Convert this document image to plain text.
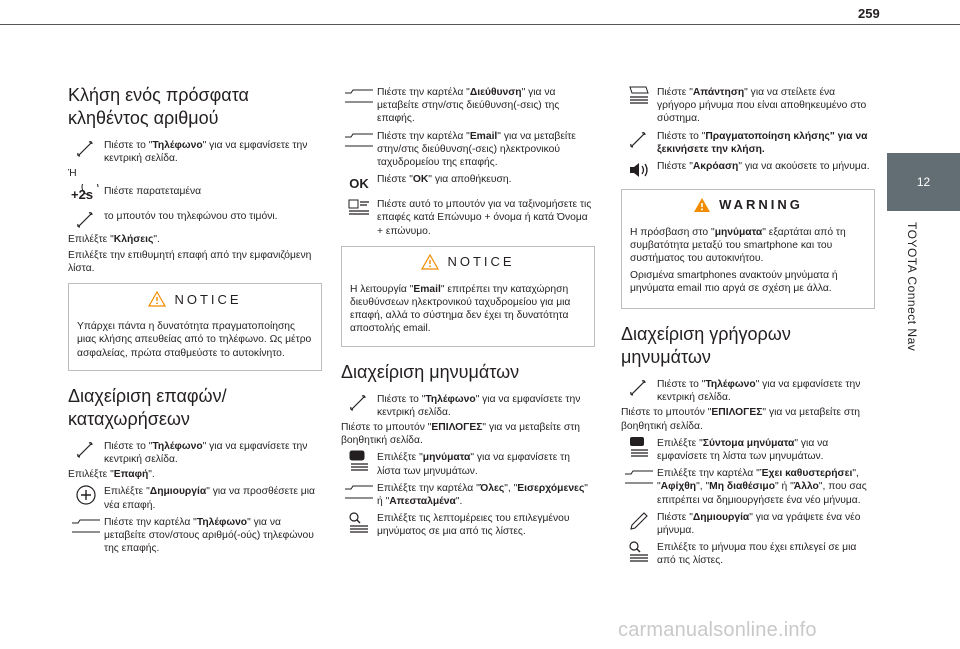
259
12
TOYOTA Connect Nav
Κλήση ενός πρόσφατα κληθέντος αριθμού
Πιέστε το "Τηλέφωνο" για να εμφανίσετε την κεντρική σελίδα.

Ή

+2s Πιέστε παρατεταμένα
το μπουτόν του τηλεφώνου στο τιμόνι.

Επιλέξτε "Κλήσεις".

Επιλέξτε την επιθυμητή επαφή από την εμφανιζόμενη λίστα.

NOTICE
Υπάρχει πάντα η δυνατότητα πραγματοποίησης μιας κλήσης απευθείας από το τηλέφωνο. Ως μέτρο ασφαλείας, πρώτα σταθμεύστε το αυτοκίνητο.
Διαχείριση επαφών/καταχωρήσεων
Πιέστε το "Τηλέφωνο" για να εμφανίσετε την κεντρική σελίδα.

Επιλέξτε "Επαφή".

Επιλέξτε "Δημιουργία" για να προσθέσετε μια νέα επαφή.
Πιέστε την καρτέλα "Τηλέφωνο" για να μεταβείτε στον/στους αριθμό(-ούς) τηλεφώνου της επαφής.
Πιέστε την καρτέλα "Διεύθυνση" για να μεταβείτε στην/στις διεύθυνση(-σεις) της επαφής.
Πιέστε την καρτέλα "Email" για να μεταβείτε στην/στις διεύθυνση(-σεις) ηλεκτρονικού ταχυδρομείου της επαφής.
OK Πιέστε "OK" για αποθήκευση.
Πιέστε αυτό το μπουτόν για να ταξινομήσετε τις επαφές κατά Επώνυμο + όνομα ή κατά Όνομα + επώνυμο.
NOTICE
Η λειτουργία "Email" επιτρέπει την καταχώρηση διευθύνσεων ηλεκτρονικού ταχυδρομείου για μια επαφή, αλλά το σύστημα δεν έχει τη δυνατότητα αποστολής email.
Διαχείριση μηνυμάτων
Πιέστε το "Τηλέφωνο" για να εμφανίσετε την κεντρική σελίδα.

Πιέστε το μπουτόν "ΕΠΙΛΟΓΕΣ" για να μεταβείτε στη βοηθητική σελίδα.

Επιλέξτε "μηνύματα" για να εμφανίσετε τη λίστα των μηνυμάτων.
Επιλέξτε την καρτέλα "Όλες", "Εισερχόμενες" ή "Απεσταλμένα".
Επιλέξτε τις λεπτομέρειες του επιλεγμένου μηνύματος σε μια από τις λίστες.
Πιέστε "Απάντηση" για να στείλετε ένα γρήγορο μήνυμα που είναι αποθηκευμένο στο σύστημα.
Πιέστε το "Πραγματοποίηση κλήσης" για να ξεκινήσετε την κλήση.
Πιέστε "Ακρόαση" για να ακούσετε το μήνυμα.
WARNING

Η πρόσβαση στο "μηνύματα" εξαρτάται από τη συμβατότητα μεταξύ του smartphone και του συστήματος του αυτοκινήτου.

Ορισμένα smartphones ανακτούν μηνύματα ή μηνύματα email πιο αργά σε σχέση με άλλα.

Διαχείριση γρήγορων μηνυμάτων
Πιέστε το "Τηλέφωνο" για να εμφανίσετε την κεντρική σελίδα.

Πιέστε το μπουτόν "ΕΠΙΛΟΓΕΣ" για να μεταβείτε στη βοηθητική σελίδα.

Επιλέξτε "Σύντομα μηνύματα" για να εμφανίσετε τη λίστα των μηνυμάτων.
Επιλέξτε την καρτέλα "Έχει καθυστερήσει", "Αφίχθη", "Μη διαθέσιμο" ή "Άλλο", που σας επιτρέπει να δημιουργήσετε ένα νέο μήνυμα.
Πιέστε "Δημιουργία" για να γράψετε ένα νέο μήνυμα.
Επιλέξτε το μήνυμα που έχει επιλεγεί σε μια από τις λίστες.
carmanualsonline.info
